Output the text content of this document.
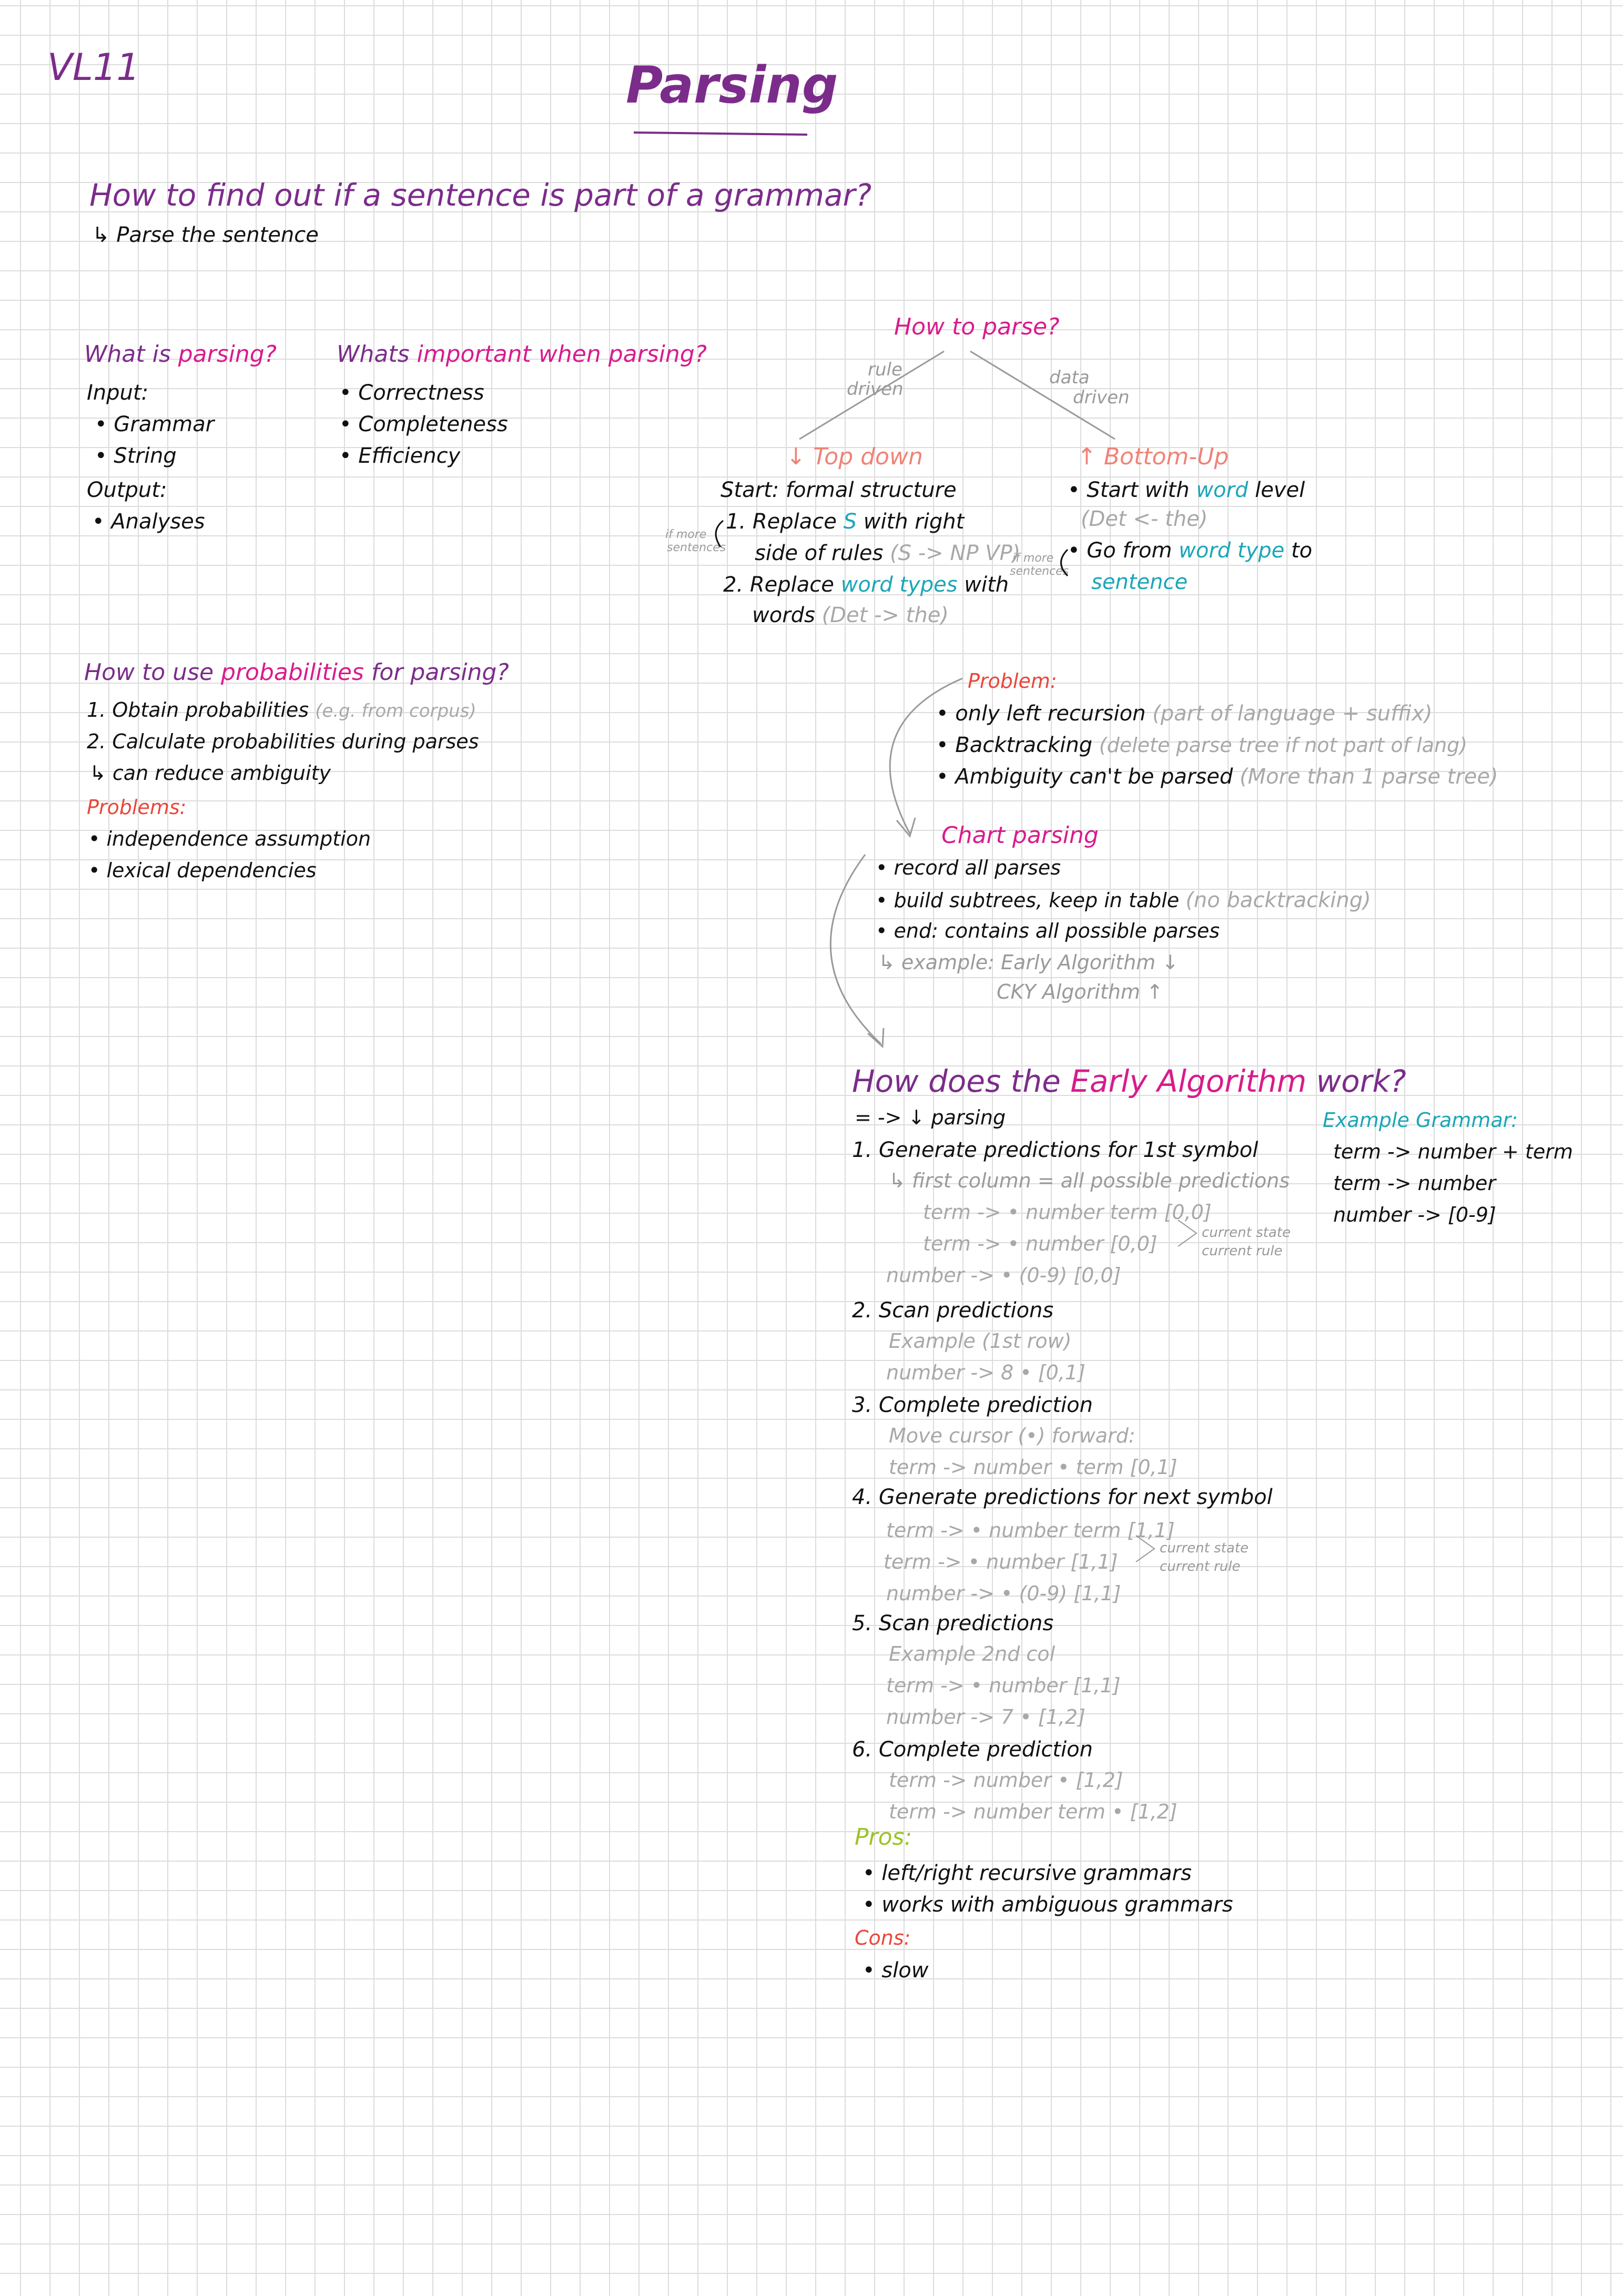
VL11	Parsing
How to find out if a sentence is part of a grammar?
↳ Parse the sentence
What is parsing?
Input:
• Grammar
• String
Output:
• Analyses
Whats important when parsing?
• Correctness
• Completeness
• Efficiency
How to parse?
rule
driven
data
driven
↓ Top down
Start: formal structure
1. Replace S with right
side of rules (S -> NP VP)
2. Replace word types with
words (Det -> the)
if more
sentences
↑ Bottom-Up
• Start with word level
(Det <- the)
• Go from word type to
sentence
if more
sentences
How to use probabilities for parsing?
1. Obtain probabilities (e.g. from corpus)
2. Calculate probabilities during parses
↳ can reduce ambiguity
Problems:
• independence assumption
• lexical dependencies
Problem:
• only left recursion (part of language + suffix)
• Backtracking (delete parse tree if not part of lang)
• Ambiguity can't be parsed (More than 1 parse tree)
Chart parsing
• record all parses
• build subtrees, keep in table (no backtracking)
• end: contains all possible parses
↳ example: Early Algorithm ↓
CKY Algorithm ↑
How does the Early Algorithm work?
= -> ↓ parsing
1. Generate predictions for 1st symbol
↳ first column = all possible predictions
term -> • number term [0,0]
term -> • number [0,0]
number -> • (0-9) [0,0]
current state
current rule
2. Scan predictions
Example (1st row)
number -> 8 • [0,1]
3. Complete prediction
Move cursor (•) forward:
term -> number • term [0,1]
4. Generate predictions for next symbol
term -> • number term [1,1]
term -> • number [1,1]
number -> • (0-9) [1,1]
current state
current rule
5. Scan predictions
Example 2nd col
term -> • number [1,1]
number -> 7 • [1,2]
6. Complete prediction
term -> number • [1,2]
term -> number term • [1,2]
Pros:
• left/right recursive grammars
• works with ambiguous grammars
Cons:
• slow
Example Grammar:
term -> number + term
term -> number
number -> [0-9]
